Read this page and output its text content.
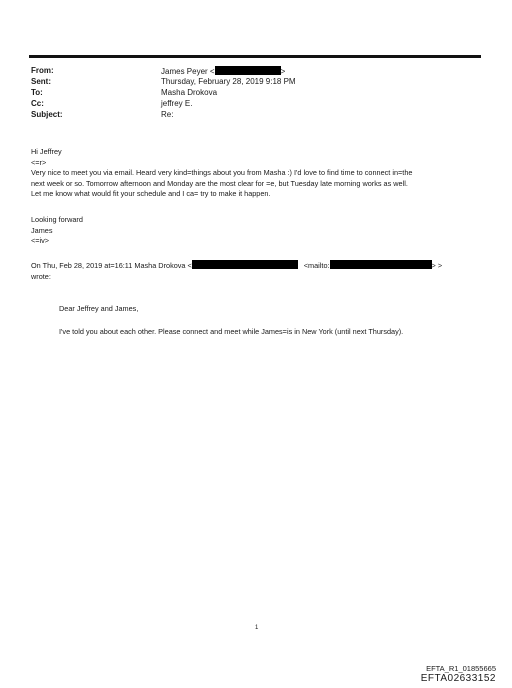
From:	James Peyer <	>
Sent:	Thursday, February 28, 2019 9:18 PM
To:	Masha Drokova
Cc:	jeffrey E.
Subject:	Re:

Hi Jeffrey

<=r>

Very nice to meet you via email. Heard very kind=things about you from Masha :) I'd love to find time to connect in=the

next week or so. Tomorrow afternoon and Monday are the most clear for =e, but Tuesday late morning works as well.

Let me know what would fit your schedule and I ca= try to make it happen.

Looking forward

James

<=iv>

On Thu, Feb 28, 2019 at=16:11 Masha Drokova <	<mailto:	> >

wrote:

Dear Jeffrey and James,
I've told you about each other. Please connect and meet while James=is in New York (until next Thursday).
1
EFTA_R1_01855665
EFTA02633152
